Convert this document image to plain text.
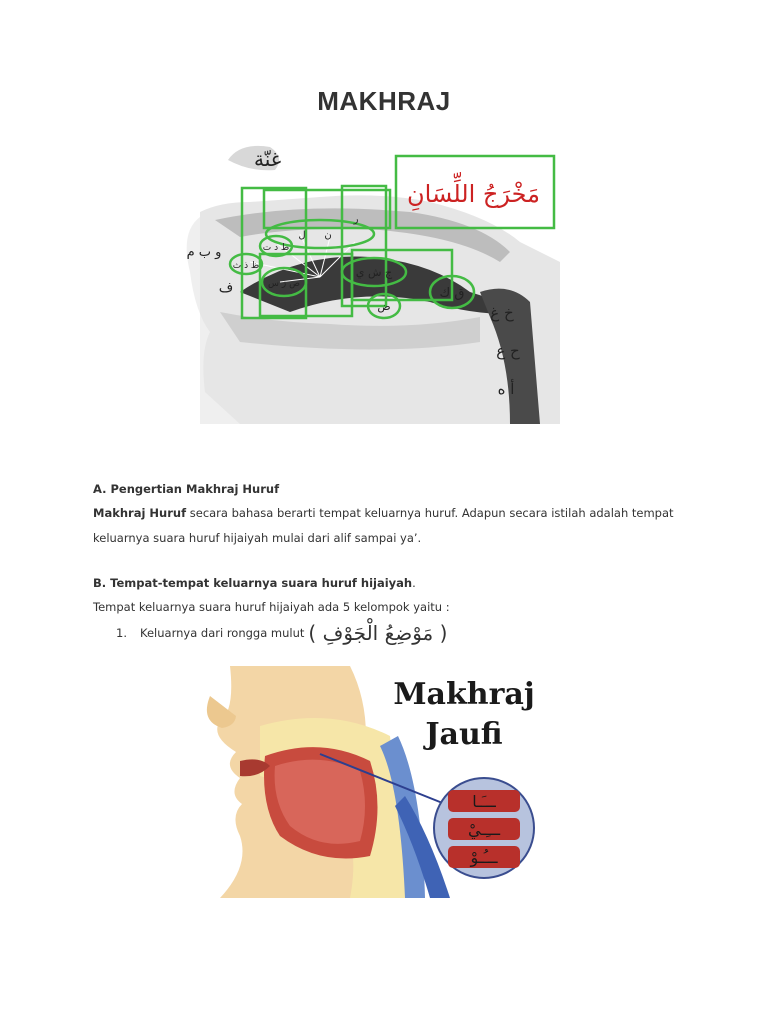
MAKHRAJ
غنّة
مَخْرَجُ اللِّسَانِ
و ب م
ف
خ غ
ح ع
أ ه
ل ن
ر
ط د ت
ظ ذ ث
ص ز س
ج ش ي
ض
ق ك
A. Pengertian Makhraj Huruf
Makhraj Huruf secara bahasa berarti tempat keluarnya huruf. Adapun secara istilah adalah tempat
keluarnya suara huruf hijaiyah mulai dari alif sampai ya’.
B. Tempat-tempat keluarnya suara huruf hijaiyah.
Tempat keluarnya suara huruf hijaiyah ada 5 kelompok yaitu :
1. Keluarnya dari rongga mulut ( مَوْضِعُ الْجَوْفِ )
ـــَـا
ـــِـيْ
ـــُـوْ
Makhraj
Jaufi
